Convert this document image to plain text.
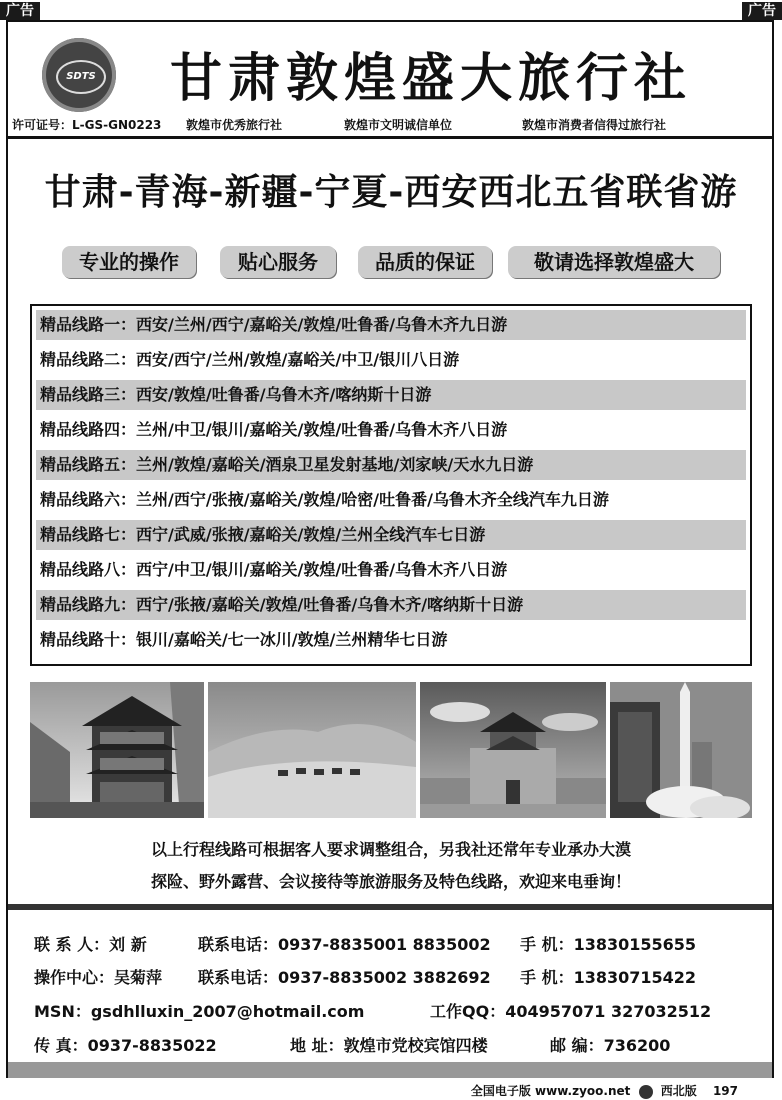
广告	广告
SDTS 甘肃敦煌盛大旅行社
许可证号：L-GS-GN0223 敦煌市优秀旅行社	敦煌市文明诚信单位	敦煌市消费者信得过旅行社
甘肃-青海-新疆-宁夏-西安西北五省联省游
专业的操作	贴心服务	品质的保证	敬请选择敦煌盛大
精品线路一：西安/兰州/西宁/嘉峪关/敦煌/吐鲁番/乌鲁木齐九日游
精品线路二：西安/西宁/兰州/敦煌/嘉峪关/中卫/银川八日游
精品线路三：西安/敦煌/吐鲁番/乌鲁木齐/喀纳斯十日游
精品线路四：兰州/中卫/银川/嘉峪关/敦煌/吐鲁番/乌鲁木齐八日游
精品线路五：兰州/敦煌/嘉峪关/酒泉卫星发射基地/刘家峡/天水九日游
精品线路六：兰州/西宁/张掖/嘉峪关/敦煌/哈密/吐鲁番/乌鲁木齐全线汽车九日游
精品线路七：西宁/武威/张掖/嘉峪关/敦煌/兰州全线汽车七日游
精品线路八：西宁/中卫/银川/嘉峪关/敦煌/吐鲁番/乌鲁木齐八日游
精品线路九：西宁/张掖/嘉峪关/敦煌/吐鲁番/乌鲁木齐/喀纳斯十日游
精品线路十：银川/嘉峪关/七一冰川/敦煌/兰州精华七日游
以上行程线路可根据客人要求调整组合，另我社还常年专业承办大漠
探险、野外露营、会议接待等旅游服务及特色线路，欢迎来电垂询！
联 系 人：刘 新	联系电话：0937-8835001 8835002 手 机：13830155655
操作中心：吴菊萍 联系电话：0937-8835002 3882692 手 机：13830715422
MSN：gsdhlluxin_2007@hotmail.com	工作QQ：404957071 327032512
传 真：0937-8835022	地 址：敦煌市党校宾馆四楼	邮 编：736200
全国电子版 www.zyoo.net	西北版 197
